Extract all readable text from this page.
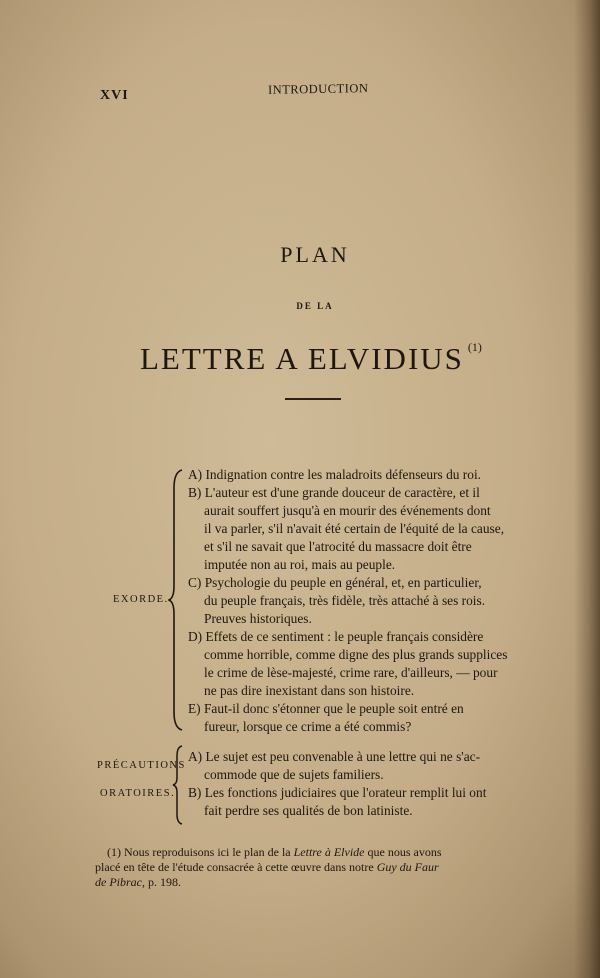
XVI	INTRODUCTION
PLAN
DE LA
LETTRE A ELVIDIUS $^{(1)}$
EXORDE.
A) Indignation contre les maladroits défenseurs du roi.
B) L'auteur est d'une grande douceur de caractère, et il
aurait souffert jusqu'à en mourir des événements dont
il va parler, s'il n'avait été certain de l'équité de la cause,
et s'il ne savait que l'atrocité du massacre doit être
imputée non au roi, mais au peuple.
C) Psychologie du peuple en général, et, en particulier,
du peuple français, très fidèle, très attaché à ses rois.
Preuves historiques.
D) Effets de ce sentiment : le peuple français considère
comme horrible, comme digne des plus grands supplices
le crime de lèse-majesté, crime rare, d'ailleurs, — pour
ne pas dire inexistant dans son histoire.
E) Faut-il donc s'étonner que le peuple soit entré en
fureur, lorsque ce crime a été commis?
PRÉCAUTIONS
ORATOIRES.
A) Le sujet est peu convenable à une lettre qui ne s'ac-
commode que de sujets familiers.
B) Les fonctions judiciaires que l'orateur remplit lui ont
fait perdre ses qualités de bon latiniste.
(1) Nous reproduisons ici le plan de la Lettre à Elvide que nous avons
placé en tête de l'étude consacrée à cette œuvre dans notre Guy du Faur
de Pibrac, p. 198.
